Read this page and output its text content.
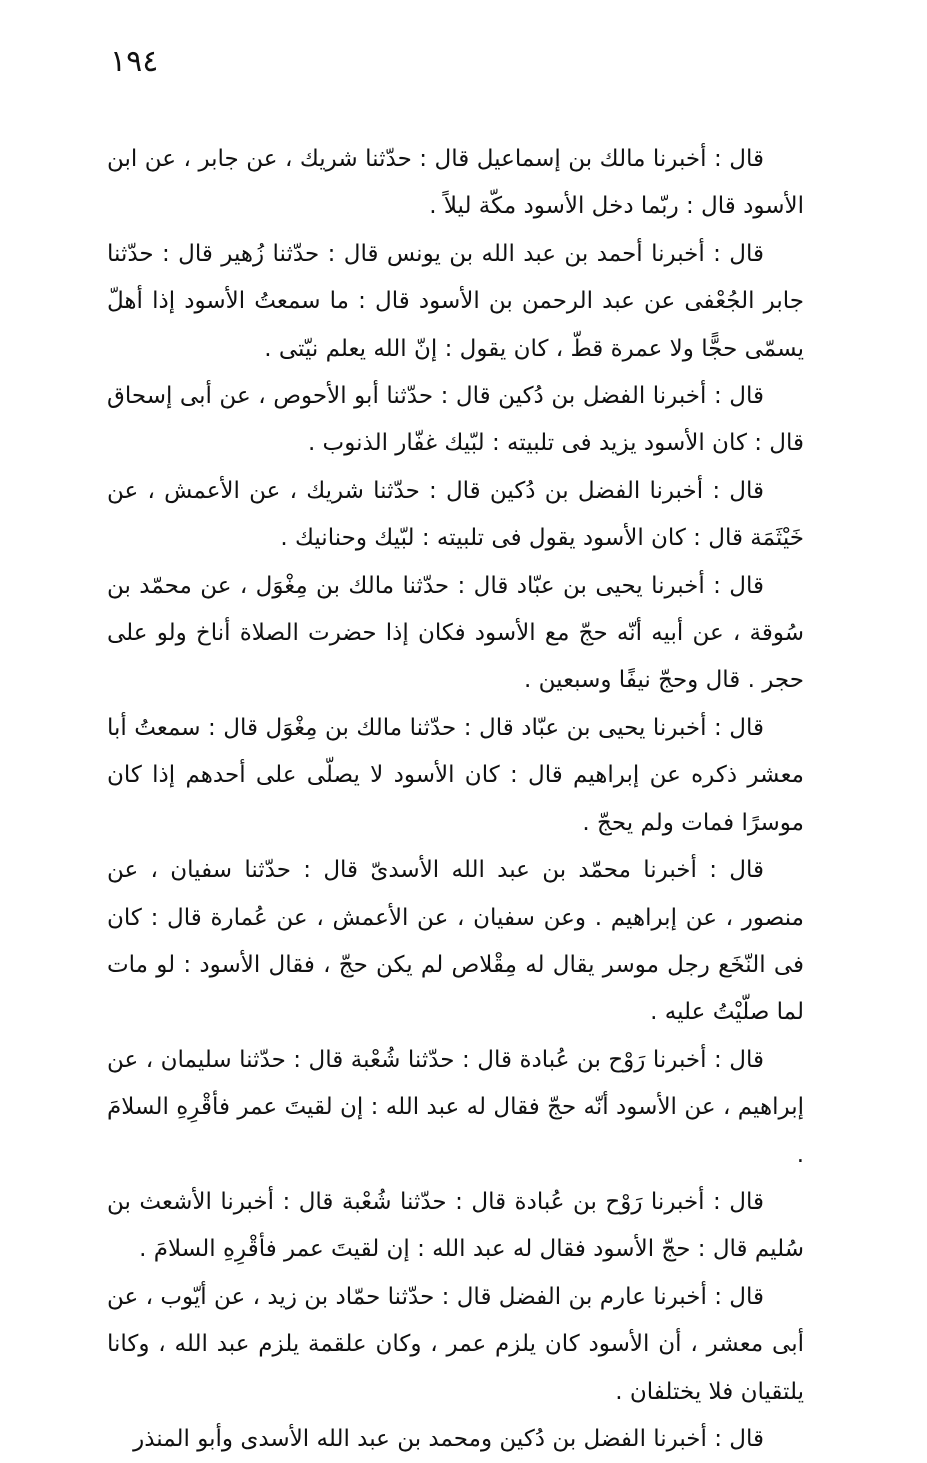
١٩٤

قال : أخبرنا مالك بن إسماعيل قال : حدّثنا شريك ، عن جابر ، عن ابن الأسود قال : ربّما دخل الأسود مكّة ليلاً .

قال : أخبرنا أحمد بن عبد الله بن يونس قال : حدّثنا زُهير قال : حدّثنا جابر الجُعْفى عن عبد الرحمن بن الأسود قال : ما سمعتُ الأسود إذا أهلّ يسمّى حجًّا ولا عمرة قطّ ، كان يقول : إنّ الله يعلم نيّتى .

قال : أخبرنا الفضل بن دُكين قال : حدّثنا أبو الأحوص ، عن أبى إسحاق قال : كان الأسود يزيد فى تلبيته : لبّيك غفّار الذنوب .

قال : أخبرنا الفضل بن دُكين قال : حدّثنا شريك ، عن الأعمش ، عن خَيْثَمَة قال : كان الأسود يقول فى تلبيته : لبّيك وحنانيك .

قال : أخبرنا يحيى بن عبّاد قال : حدّثنا مالك بن مِغْوَل ، عن محمّد بن سُوقة ، عن أبيه أنّه حجّ مع الأسود فكان إذا حضرت الصلاة أناخ ولو على حجر . قال وحجّ نيفًا وسبعين .

قال : أخبرنا يحيى بن عبّاد قال : حدّثنا مالك بن مِغْوَل قال : سمعتُ أبا معشر ذكره عن إبراهيم قال : كان الأسود لا يصلّى على أحدهم إذا كان موسرًا فمات ولم يحجّ .

قال : أخبرنا محمّد بن عبد الله الأسدىّ قال : حدّثنا سفيان ، عن منصور ، عن إبراهيم . وعن سفيان ، عن الأعمش ، عن عُمارة قال : كان فى النّخَع رجل موسر يقال له مِقْلاص لم يكن حجّ ، فقال الأسود : لو مات لما صلّيْتُ عليه .

قال : أخبرنا رَوْح بن عُبادة قال : حدّثنا شُعْبة قال : حدّثنا سليمان ، عن إبراهيم ، عن الأسود أنّه حجّ فقال له عبد الله : إن لقيتَ عمر فأقْرِهِ السلامَ .

قال : أخبرنا رَوْح بن عُبادة قال : حدّثنا شُعْبة قال : أخبرنا الأشعث بن سُليم قال : حجّ الأسود فقال له عبد الله : إن لقيتَ عمر فأقْرِهِ السلامَ .

قال : أخبرنا عارم بن الفضل قال : حدّثنا حمّاد بن زيد ، عن أيّوب ، عن أبى معشر ، أن الأسود كان يلزم عمر ، وكان علقمة يلزم عبد الله ، وكانا يلتقيان فلا يختلفان .

قال : أخبرنا الفضل بن دُكين ومحمد بن عبد الله الأسدى وأبو المنذر
